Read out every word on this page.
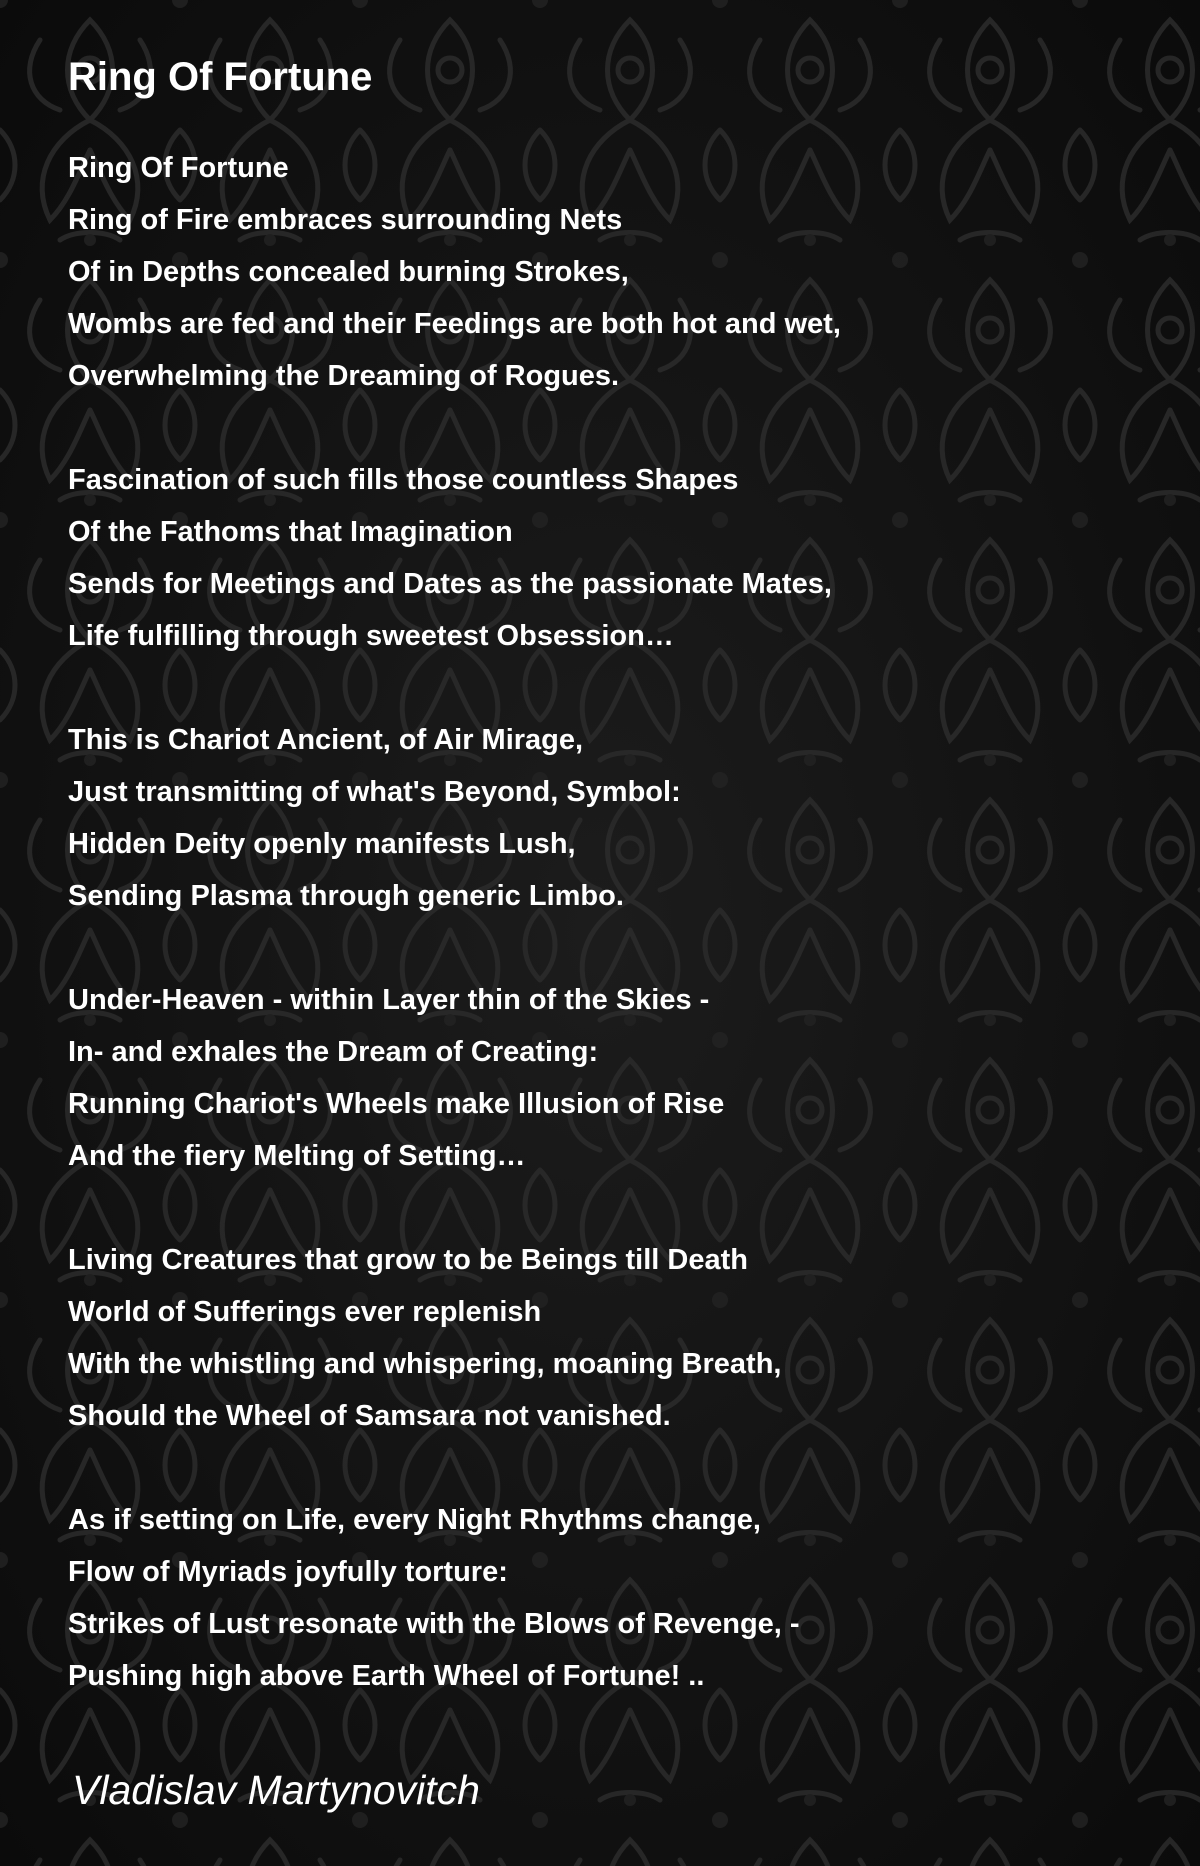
Ring Of Fortune
Ring Of Fortune
Ring of Fire embraces surrounding Nets
Of in Depths concealed burning Strokes,
Wombs are fed and their Feedings are both hot and wet,
Overwhelming the Dreaming of Rogues.
Fascination of such fills those countless Shapes
Of the Fathoms that Imagination
Sends for Meetings and Dates as the passionate Mates,
Life fulfilling through sweetest Obsession…
This is Chariot Ancient, of Air Mirage,
Just transmitting of what's Beyond, Symbol:
Hidden Deity openly manifests Lush,
Sending Plasma through generic Limbo.
Under-Heaven - within Layer thin of the Skies -
In- and exhales the Dream of Creating:
Running Chariot's Wheels make Illusion of Rise
And the fiery Melting of Setting…
Living Creatures that grow to be Beings till Death
World of Sufferings ever replenish
With the whistling and whispering, moaning Breath,
Should the Wheel of Samsara not vanished.
As if setting on Life, every Night Rhythms change,
Flow of Myriads joyfully torture:
Strikes of Lust resonate with the Blows of Revenge, -
Pushing high above Earth Wheel of Fortune! ..
Vladislav Martynovitch
